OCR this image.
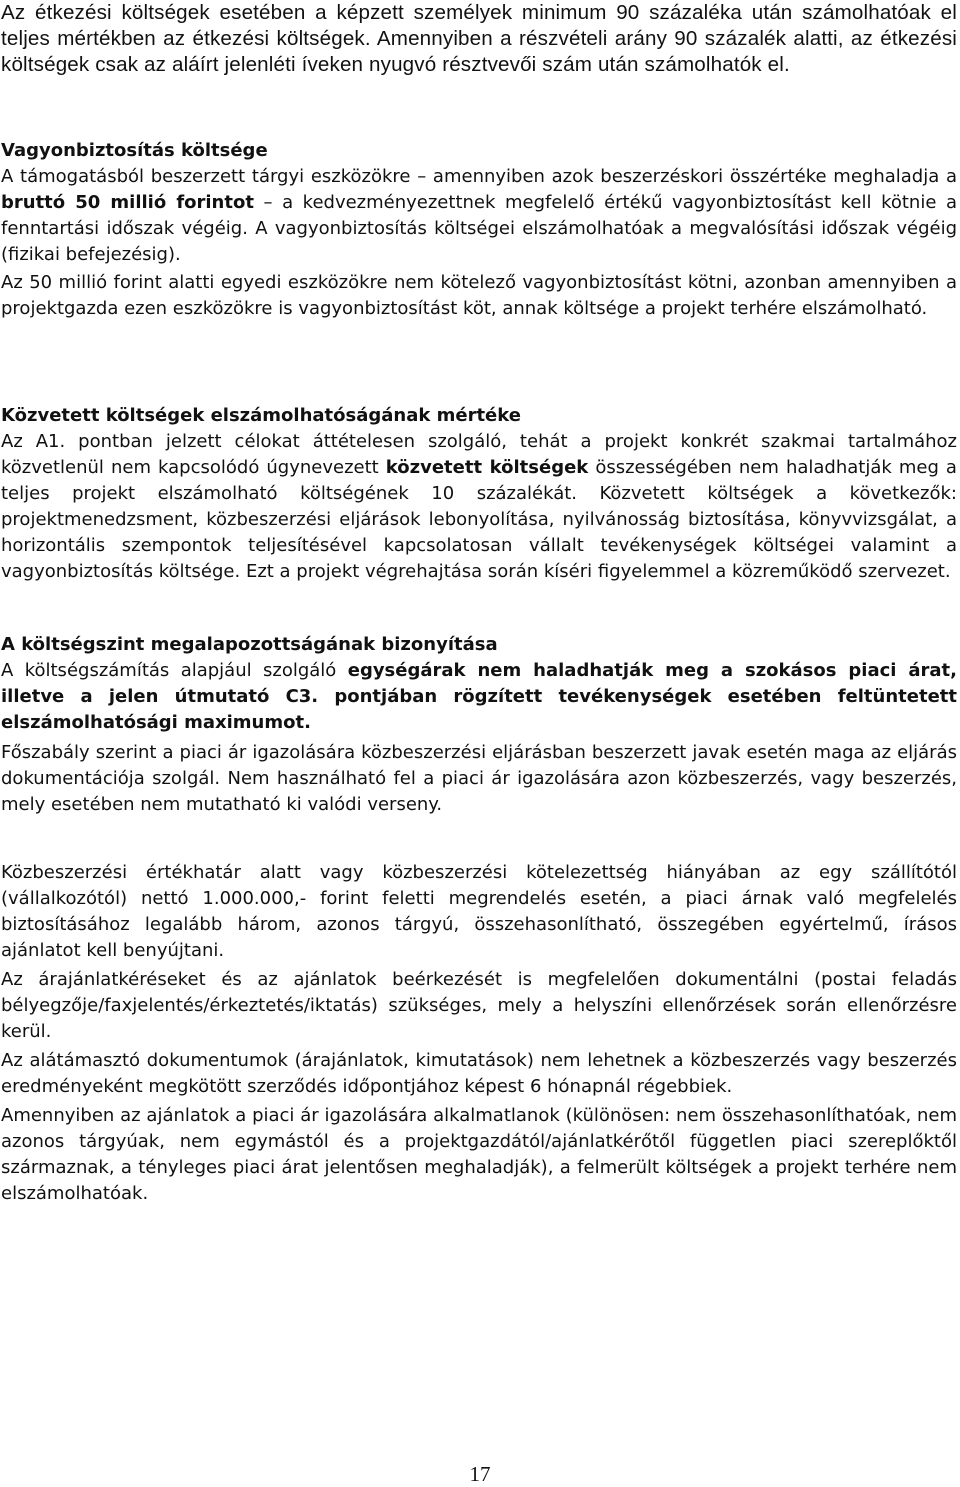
Az étkezési költségek esetében a képzett személyek minimum 90 százaléka után számolhatóak el teljes mértékben az étkezési költségek. Amennyiben a részvételi arány 90 százalék alatti, az étkezési költségek csak az aláírt jelenléti íveken nyugvó résztvevői szám után számolhatók el.

Vagyonbiztosítás költsége

A támogatásból beszerzett tárgyi eszközökre – amennyiben azok beszerzéskori összértéke meghaladja a bruttó 50 millió forintot – a kedvezményezettnek megfelelő értékű vagyonbiztosítást kell kötnie a fenntartási időszak végéig. A vagyonbiztosítás költségei elszámolhatóak a megvalósítási időszak végéig (fizikai befejezésig).

Az 50 millió forint alatti egyedi eszközökre nem kötelező vagyonbiztosítást kötni, azonban amennyiben a projektgazda ezen eszközökre is vagyonbiztosítást köt, annak költsége a projekt terhére elszámolható.

Közvetett költségek elszámolhatóságának mértéke

Az A1. pontban jelzett célokat áttételesen szolgáló, tehát a projekt konkrét szakmai tartalmához közvetlenül nem kapcsolódó úgynevezett közvetett költségek összességében nem haladhatják meg a teljes projekt elszámolható költségének 10 százalékát. Közvetett költségek a következők: projektmenedzsment, közbeszerzési eljárások lebonyolítása, nyilvánosság biztosítása, könyvvizsgálat, a horizontális szempontok teljesítésével kapcsolatosan vállalt tevékenységek költségei valamint a vagyonbiztosítás költsége. Ezt a projekt végrehajtása során kíséri figyelemmel a közreműködő szervezet.

A költségszint megalapozottságának bizonyítása

A költségszámítás alapjául szolgáló egységárak nem haladhatják meg a szokásos piaci árat, illetve a jelen útmutató C3. pontjában rögzített tevékenységek esetében feltüntetett elszámolhatósági maximumot.

Főszabály szerint a piaci ár igazolására közbeszerzési eljárásban beszerzett javak esetén maga az eljárás dokumentációja szolgál. Nem használható fel a piaci ár igazolására azon közbeszerzés, vagy beszerzés, mely esetében nem mutatható ki valódi verseny.

Közbeszerzési értékhatár alatt vagy közbeszerzési kötelezettség hiányában az egy szállítótól (vállalkozótól) nettó 1.000.000,- forint feletti megrendelés esetén, a piaci árnak való megfelelés biztosításához legalább három, azonos tárgyú, összehasonlítható, összegében egyértelmű, írásos ajánlatot kell benyújtani.

Az árajánlatkéréseket és az ajánlatok beérkezését is megfelelően dokumentálni (postai feladás bélyegzője/faxjelentés/érkeztetés/iktatás) szükséges, mely a helyszíni ellenőrzések során ellenőrzésre kerül.

Az alátámasztó dokumentumok (árajánlatok, kimutatások) nem lehetnek a közbeszerzés vagy beszerzés eredményeként megkötött szerződés időpontjához képest 6 hónapnál régebbiek.

Amennyiben az ajánlatok a piaci ár igazolására alkalmatlanok (különösen: nem összehasonlíthatóak, nem azonos tárgyúak, nem egymástól és a projektgazdától/ajánlatkérőtől független piaci szereplőktől származnak, a tényleges piaci árat jelentősen meghaladják), a felmerült költségek a projekt terhére nem elszámolhatóak.

17
